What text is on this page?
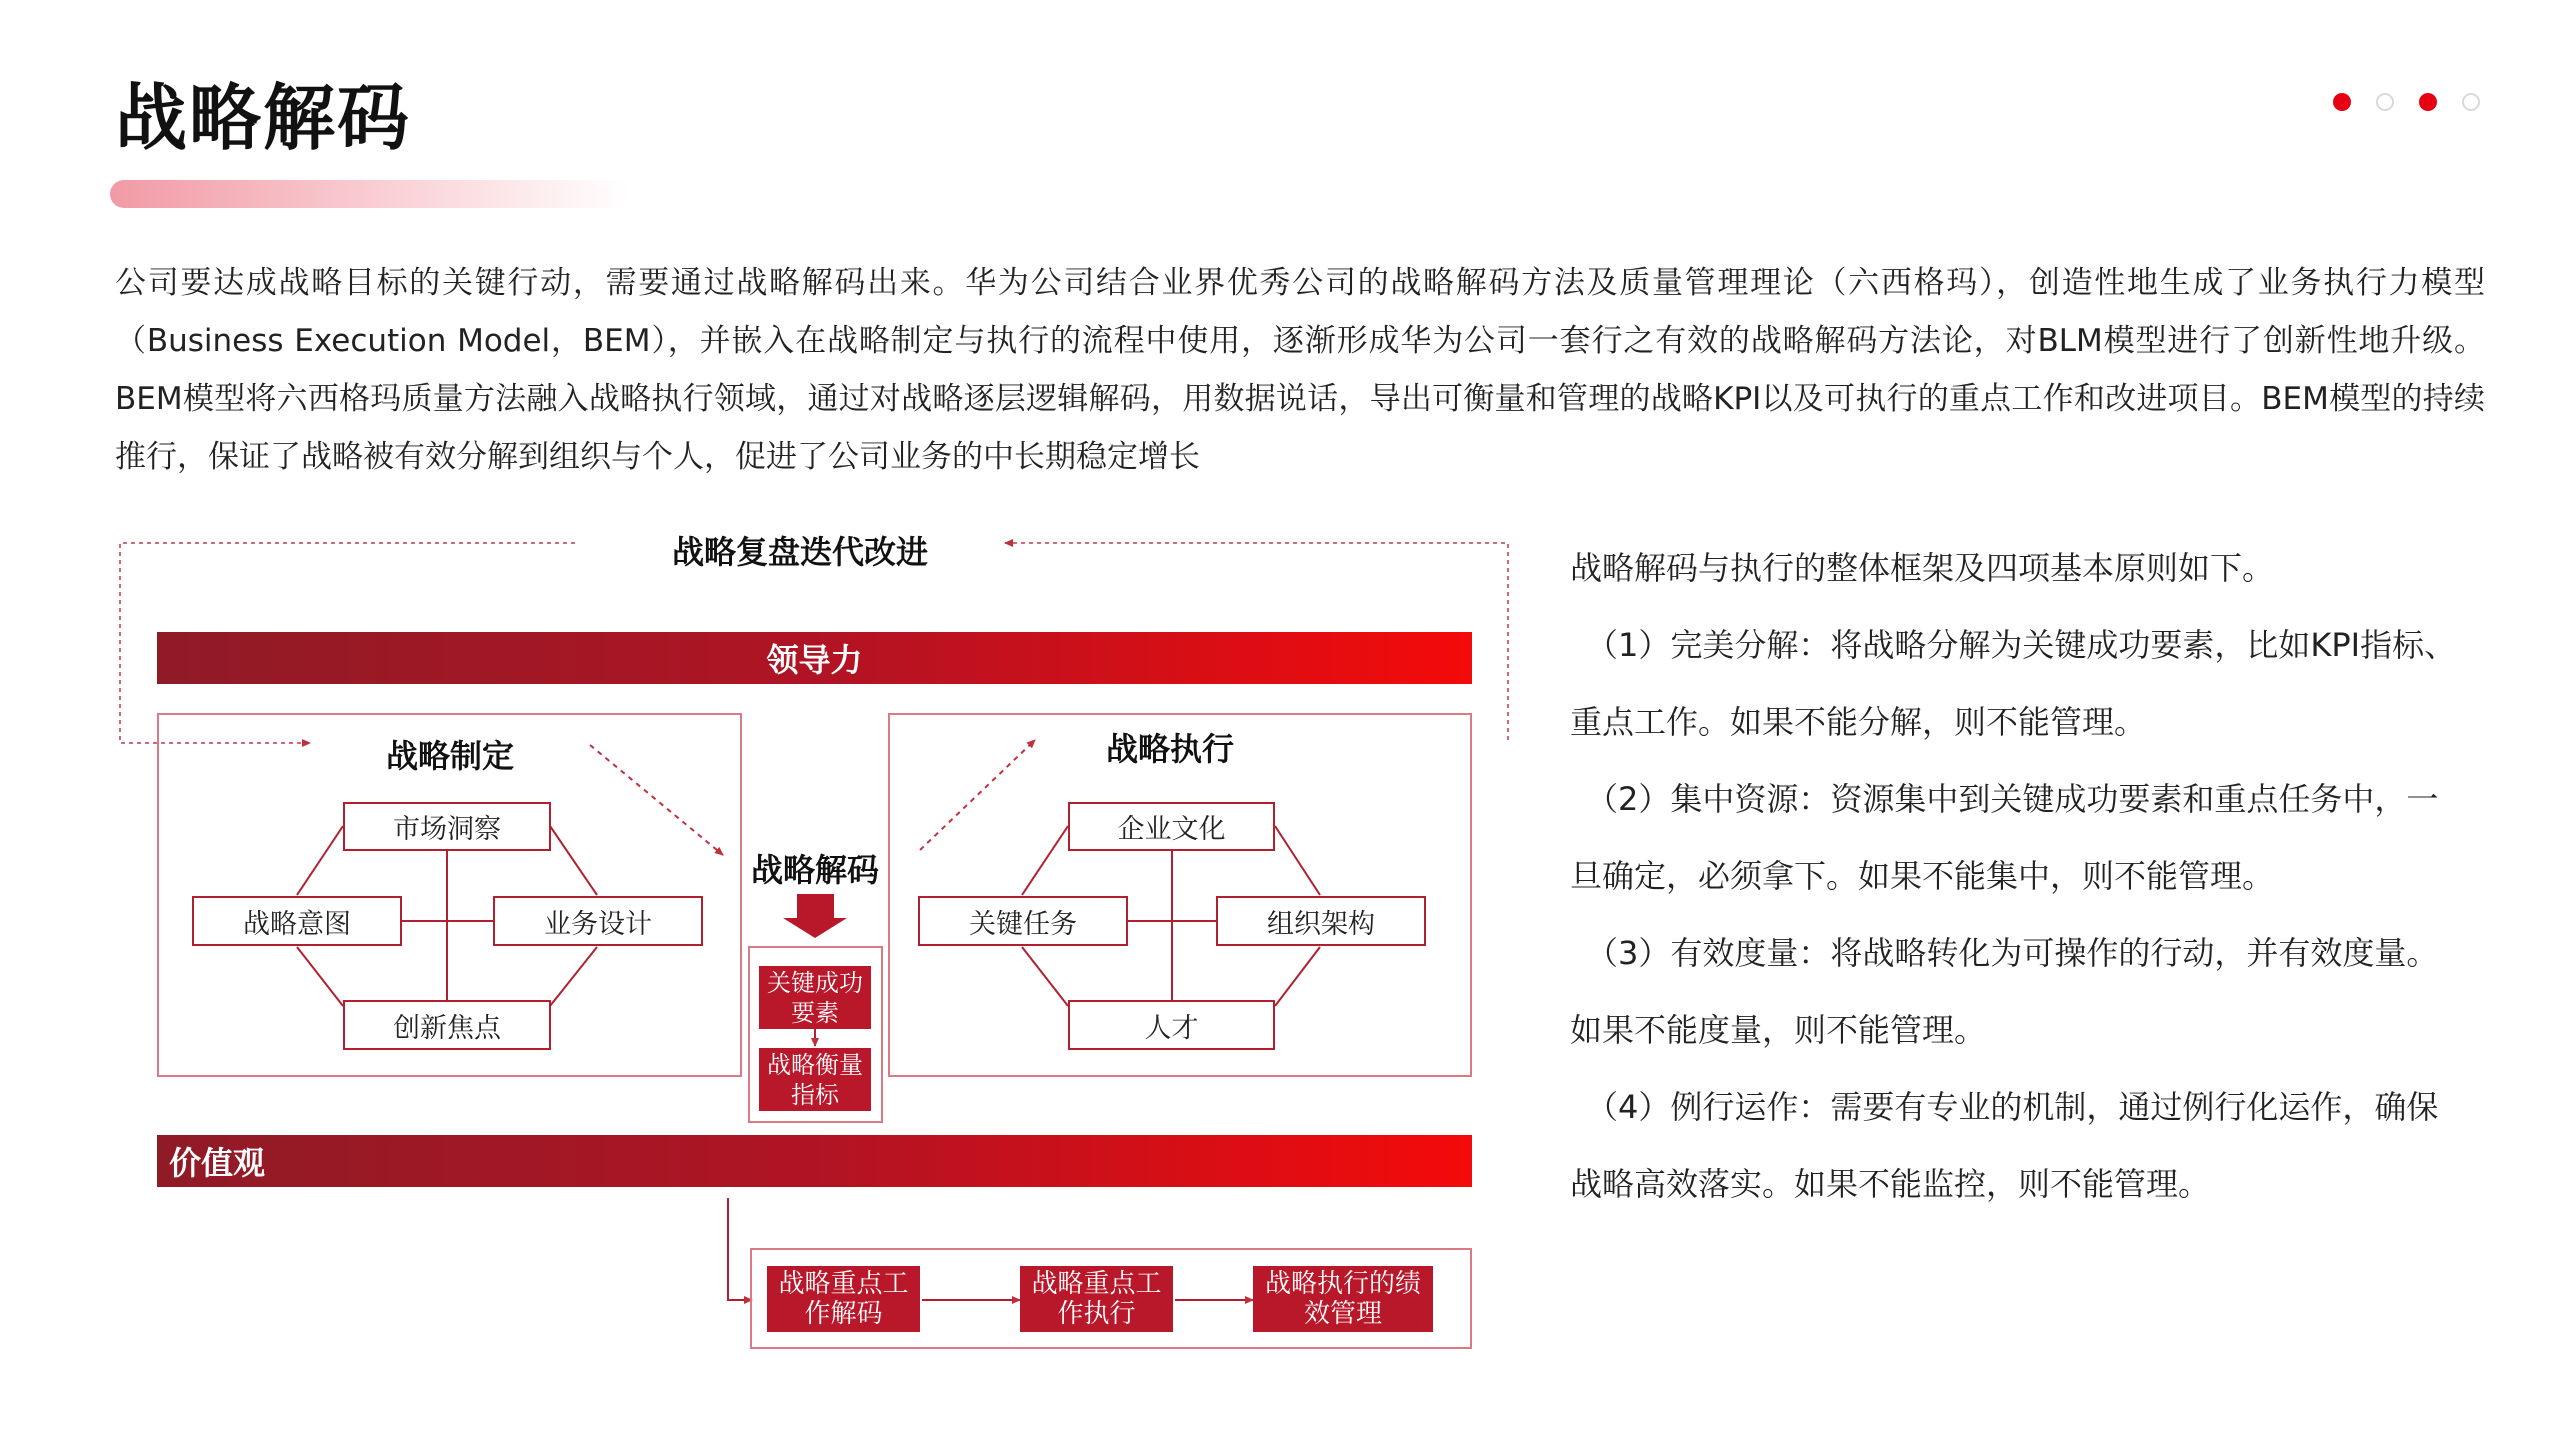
战略解码
公司要达成战略目标的关键行动，需要通过战略解码出来。华为公司结合业界优秀公司的战略解码方法及质量管理理论（六西格玛），创造性地生成了业务执行力模型（Business Execution Model，BEM），并嵌入在战略制定与执行的流程中使用，逐渐形成华为公司一套行之有效的战略解码方法论，对BLM模型进行了创新性地升级。BEM模型将六西格玛质量方法融入战略执行领域，通过对战略逐层逻辑解码，用数据说话，导出可衡量和管理的战略KPI以及可执行的重点工作和改进项目。BEM模型的持续推行，保证了战略被有效分解到组织与个人，促进了公司业务的中长期稳定增长
战略复盘迭代改进
领导力
战略制定
市场洞察
战略意图	业务设计
创新焦点
战略解码
关键成功要素
战略衡量指标
战略执行
企业文化
关键任务	组织架构
人才
价值观
战略重点工作解码
战略重点工作执行
战略执行的绩效管理

战略解码与执行的整体框架及四项基本原则如下。

（1）完美分解：将战略分解为关键成功要素，比如KPI指标、重点工作。如果不能分解，则不能管理。

（2）集中资源：资源集中到关键成功要素和重点任务中，一旦确定，必须拿下。如果不能集中，则不能管理。

（3）有效度量：将战略转化为可操作的行动，并有效度量。如果不能度量，则不能管理。

（4）例行运作：需要有专业的机制，通过例行化运作，确保战略高效落实。如果不能监控，则不能管理。
